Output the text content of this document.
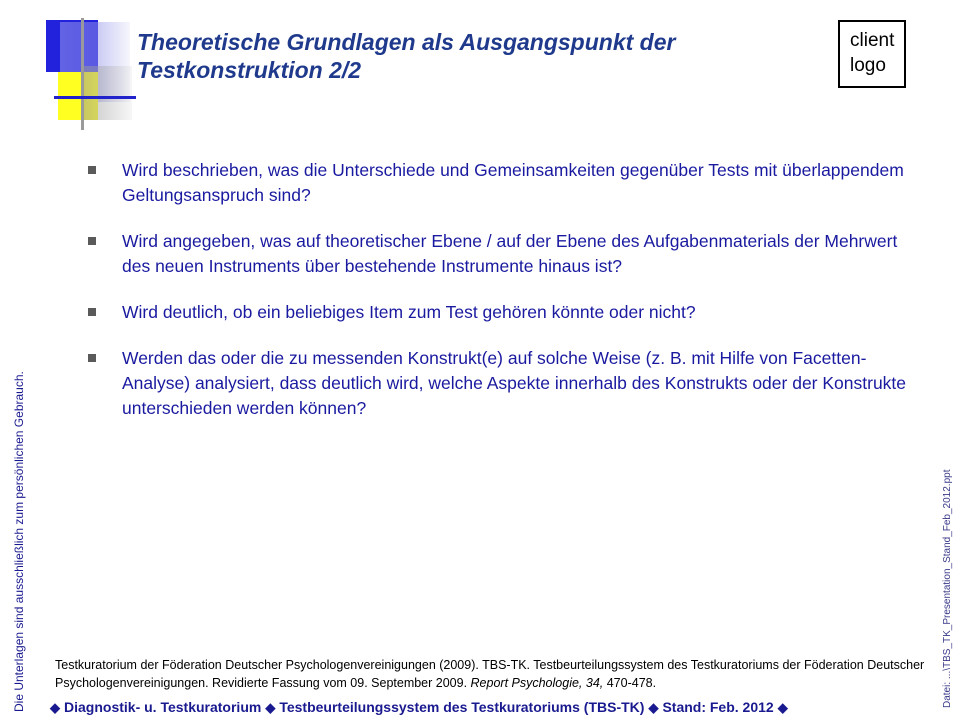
Theoretische Grundlagen als Ausgangspunkt der Testkonstruktion 2/2
client
logo
Wird beschrieben, was die Unterschiede und Gemeinsamkeiten gegenüber Tests mit überlappendem Geltungsanspruch sind?
Wird angegeben, was auf theoretischer Ebene / auf der Ebene des Aufgabenmaterials der Mehrwert des neuen Instruments über bestehende Instrumente hinaus ist?
Wird deutlich, ob ein beliebiges Item zum Test gehören könnte oder nicht?
Werden das oder die zu messenden Konstrukt(e) auf solche Weise (z. B. mit Hilfe von Facetten-Analyse) analysiert, dass deutlich wird, welche Aspekte innerhalb des Konstrukts oder der Konstrukte unterschieden werden können?
Die Unterlagen sind ausschließlich zum persönlichen Gebrauch.	Datei: ...\TBS_TK_Presentation_Stand_Feb_2012.ppt

Testkuratorium der Föderation Deutscher Psychologenvereinigungen (2009). TBS-TK. Testbeurteilungssystem des Testkuratoriums der Föderation Deutscher Psychologenvereinigungen. Revidierte Fassung vom 09. September 2009. Report Psychologie, 34, 470-478.

◆ Diagnostik- u. Testkuratorium ◆ Testbeurteilungssystem des Testkuratoriums (TBS-TK) ◆ Stand: Feb. 2012 ◆
